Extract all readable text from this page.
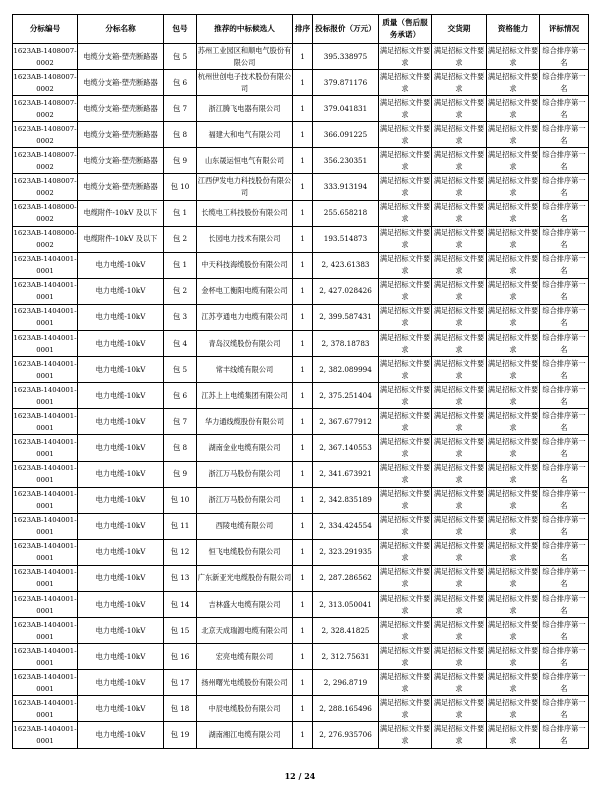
分标编号	分标名称	包号	推荐的中标候选人	排序	投标报价（万元）	质量（售后服务承诺）	交货期	资格能力	评标情况
1623AB-1408007-0002	电缆分支箱-塑壳断路器	包 5	苏州工业园区和顺电气股份有限公司	1	395.338975	满足招标文件要求	满足招标文件要求	满足招标文件要求	综合排序第一名
1623AB-1408007-0002	电缆分支箱-塑壳断路器	包 6	杭州世创电子技术股份有限公司	1	379.871176	满足招标文件要求	满足招标文件要求	满足招标文件要求	综合排序第一名
1623AB-1408007-0002	电缆分支箱-塑壳断路器	包 7	浙江腾飞电器有限公司	1	379.041831	满足招标文件要求	满足招标文件要求	满足招标文件要求	综合排序第一名
1623AB-1408007-0002	电缆分支箱-塑壳断路器	包 8	福建大和电气有限公司	1	366.091225	满足招标文件要求	满足招标文件要求	满足招标文件要求	综合排序第一名
1623AB-1408007-0002	电缆分支箱-塑壳断路器	包 9	山东晟运恒电气有限公司	1	356.230351	满足招标文件要求	满足招标文件要求	满足招标文件要求	综合排序第一名
1623AB-1408007-0002	电缆分支箱-塑壳断路器	包 10	江西伊发电力科技股份有限公司	1	333.913194	满足招标文件要求	满足招标文件要求	满足招标文件要求	综合排序第一名
1623AB-1408000-0002	电缆附件-10kV 及以下	包 1	长缆电工科技股份有限公司	1	255.658218	满足招标文件要求	满足招标文件要求	满足招标文件要求	综合排序第一名
1623AB-1408000-0002	电缆附件-10kV 及以下	包 2	长园电力技术有限公司	1	193.514873	满足招标文件要求	满足招标文件要求	满足招标文件要求	综合排序第一名
1623AB-1404001-0001	电力电缆-10kV	包 1	中天科技海缆股份有限公司	1	2, 423.61383	满足招标文件要求	满足招标文件要求	满足招标文件要求	综合排序第一名
1623AB-1404001-0001	电力电缆-10kV	包 2	金杯电工衡阳电缆有限公司	1	2, 427.028426	满足招标文件要求	满足招标文件要求	满足招标文件要求	综合排序第一名
1623AB-1404001-0001	电力电缆-10kV	包 3	江苏亨通电力电缆有限公司	1	2, 399.587431	满足招标文件要求	满足招标文件要求	满足招标文件要求	综合排序第一名
1623AB-1404001-0001	电力电缆-10kV	包 4	青岛汉缆股份有限公司	1	2, 378.18783	满足招标文件要求	满足招标文件要求	满足招标文件要求	综合排序第一名
1623AB-1404001-0001	电力电缆-10kV	包 5	常丰线缆有限公司	1	2, 382.089994	满足招标文件要求	满足招标文件要求	满足招标文件要求	综合排序第一名
1623AB-1404001-0001	电力电缆-10kV	包 6	江苏上上电缆集团有限公司	1	2, 375.251404	满足招标文件要求	满足招标文件要求	满足招标文件要求	综合排序第一名
1623AB-1404001-0001	电力电缆-10kV	包 7	华力通线缆股份有限公司	1	2, 367.677912	满足招标文件要求	满足招标文件要求	满足招标文件要求	综合排序第一名
1623AB-1404001-0001	电力电缆-10kV	包 8	湖南金业电缆有限公司	1	2, 367.140553	满足招标文件要求	满足招标文件要求	满足招标文件要求	综合排序第一名
1623AB-1404001-0001	电力电缆-10kV	包 9	浙江万马股份有限公司	1	2, 341.673921	满足招标文件要求	满足招标文件要求	满足招标文件要求	综合排序第一名
1623AB-1404001-0001	电力电缆-10kV	包 10	浙江万马股份有限公司	1	2, 342.835189	满足招标文件要求	满足招标文件要求	满足招标文件要求	综合排序第一名
1623AB-1404001-0001	电力电缆-10kV	包 11	西陵电缆有限公司	1	2, 334.424554	满足招标文件要求	满足招标文件要求	满足招标文件要求	综合排序第一名
1623AB-1404001-0001	电力电缆-10kV	包 12	恒飞电缆股份有限公司	1	2, 323.291935	满足招标文件要求	满足招标文件要求	满足招标文件要求	综合排序第一名
1623AB-1404001-0001	电力电缆-10kV	包 13	广东新亚光电缆股份有限公司	1	2, 287.286562	满足招标文件要求	满足招标文件要求	满足招标文件要求	综合排序第一名
1623AB-1404001-0001	电力电缆-10kV	包 14	吉林盛大电缆有限公司	1	2, 313.050041	满足招标文件要求	满足招标文件要求	满足招标文件要求	综合排序第一名
1623AB-1404001-0001	电力电缆-10kV	包 15	北京天成瑞源电缆有限公司	1	2, 328.41825	满足招标文件要求	满足招标文件要求	满足招标文件要求	综合排序第一名
1623AB-1404001-0001	电力电缆-10kV	包 16	宏亮电缆有限公司	1	2, 312.75631	满足招标文件要求	满足招标文件要求	满足招标文件要求	综合排序第一名
1623AB-1404001-0001	电力电缆-10kV	包 17	扬州曙光电缆股份有限公司	1	2, 296.8719	满足招标文件要求	满足招标文件要求	满足招标文件要求	综合排序第一名
1623AB-1404001-0001	电力电缆-10kV	包 18	中辰电缆股份有限公司	1	2, 288.165496	满足招标文件要求	满足招标文件要求	满足招标文件要求	综合排序第一名
1623AB-1404001-0001	电力电缆-10kV	包 19	湖南湘江电缆有限公司	1	2, 276.935706	满足招标文件要求	满足招标文件要求	满足招标文件要求	综合排序第一名
12 / 24
